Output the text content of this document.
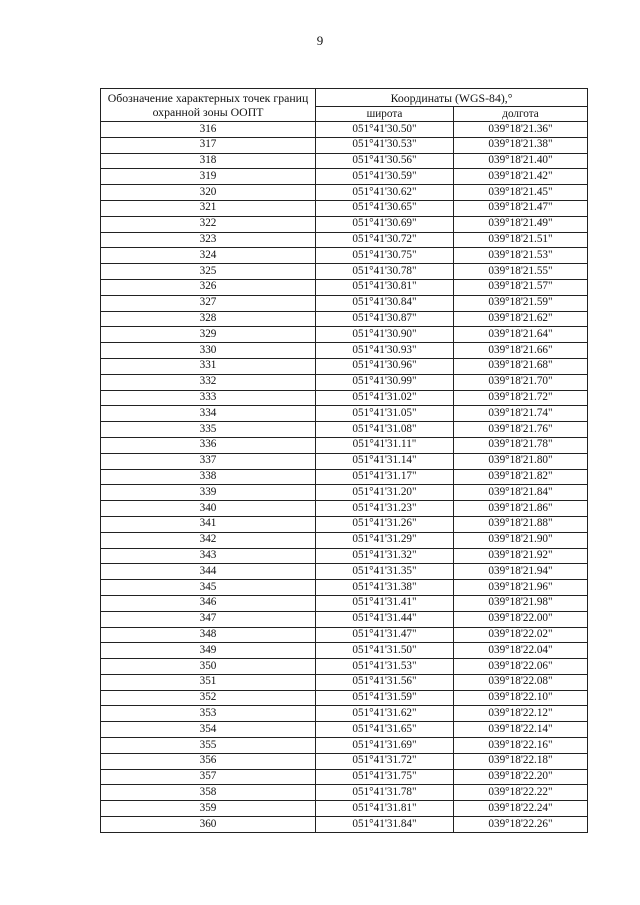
9
Обозначение характерных точек границ охранной зоны ООПТ	Координаты (WGS-84),°	
	широта	долгота
316	051°41'30.50"	039°18'21.36"
317	051°41'30.53"	039°18'21.38"
318	051°41'30.56"	039°18'21.40"
319	051°41'30.59"	039°18'21.42"
320	051°41'30.62"	039°18'21.45"
321	051°41'30.65"	039°18'21.47"
322	051°41'30.69"	039°18'21.49"
323	051°41'30.72"	039°18'21.51"
324	051°41'30.75"	039°18'21.53"
325	051°41'30.78"	039°18'21.55"
326	051°41'30.81"	039°18'21.57"
327	051°41'30.84"	039°18'21.59"
328	051°41'30.87"	039°18'21.62"
329	051°41'30.90"	039°18'21.64"
330	051°41'30.93"	039°18'21.66"
331	051°41'30.96"	039°18'21.68"
332	051°41'30.99"	039°18'21.70"
333	051°41'31.02"	039°18'21.72"
334	051°41'31.05"	039°18'21.74"
335	051°41'31.08"	039°18'21.76"
336	051°41'31.11"	039°18'21.78"
337	051°41'31.14"	039°18'21.80"
338	051°41'31.17"	039°18'21.82"
339	051°41'31.20"	039°18'21.84"
340	051°41'31.23"	039°18'21.86"
341	051°41'31.26"	039°18'21.88"
342	051°41'31.29"	039°18'21.90"
343	051°41'31.32"	039°18'21.92"
344	051°41'31.35"	039°18'21.94"
345	051°41'31.38"	039°18'21.96"
346	051°41'31.41"	039°18'21.98"
347	051°41'31.44"	039°18'22.00"
348	051°41'31.47"	039°18'22.02"
349	051°41'31.50"	039°18'22.04"
350	051°41'31.53"	039°18'22.06"
351	051°41'31.56"	039°18'22.08"
352	051°41'31.59"	039°18'22.10"
353	051°41'31.62"	039°18'22.12"
354	051°41'31.65"	039°18'22.14"
355	051°41'31.69"	039°18'22.16"
356	051°41'31.72"	039°18'22.18"
357	051°41'31.75"	039°18'22.20"
358	051°41'31.78"	039°18'22.22"
359	051°41'31.81"	039°18'22.24"
360	051°41'31.84"	039°18'22.26"
